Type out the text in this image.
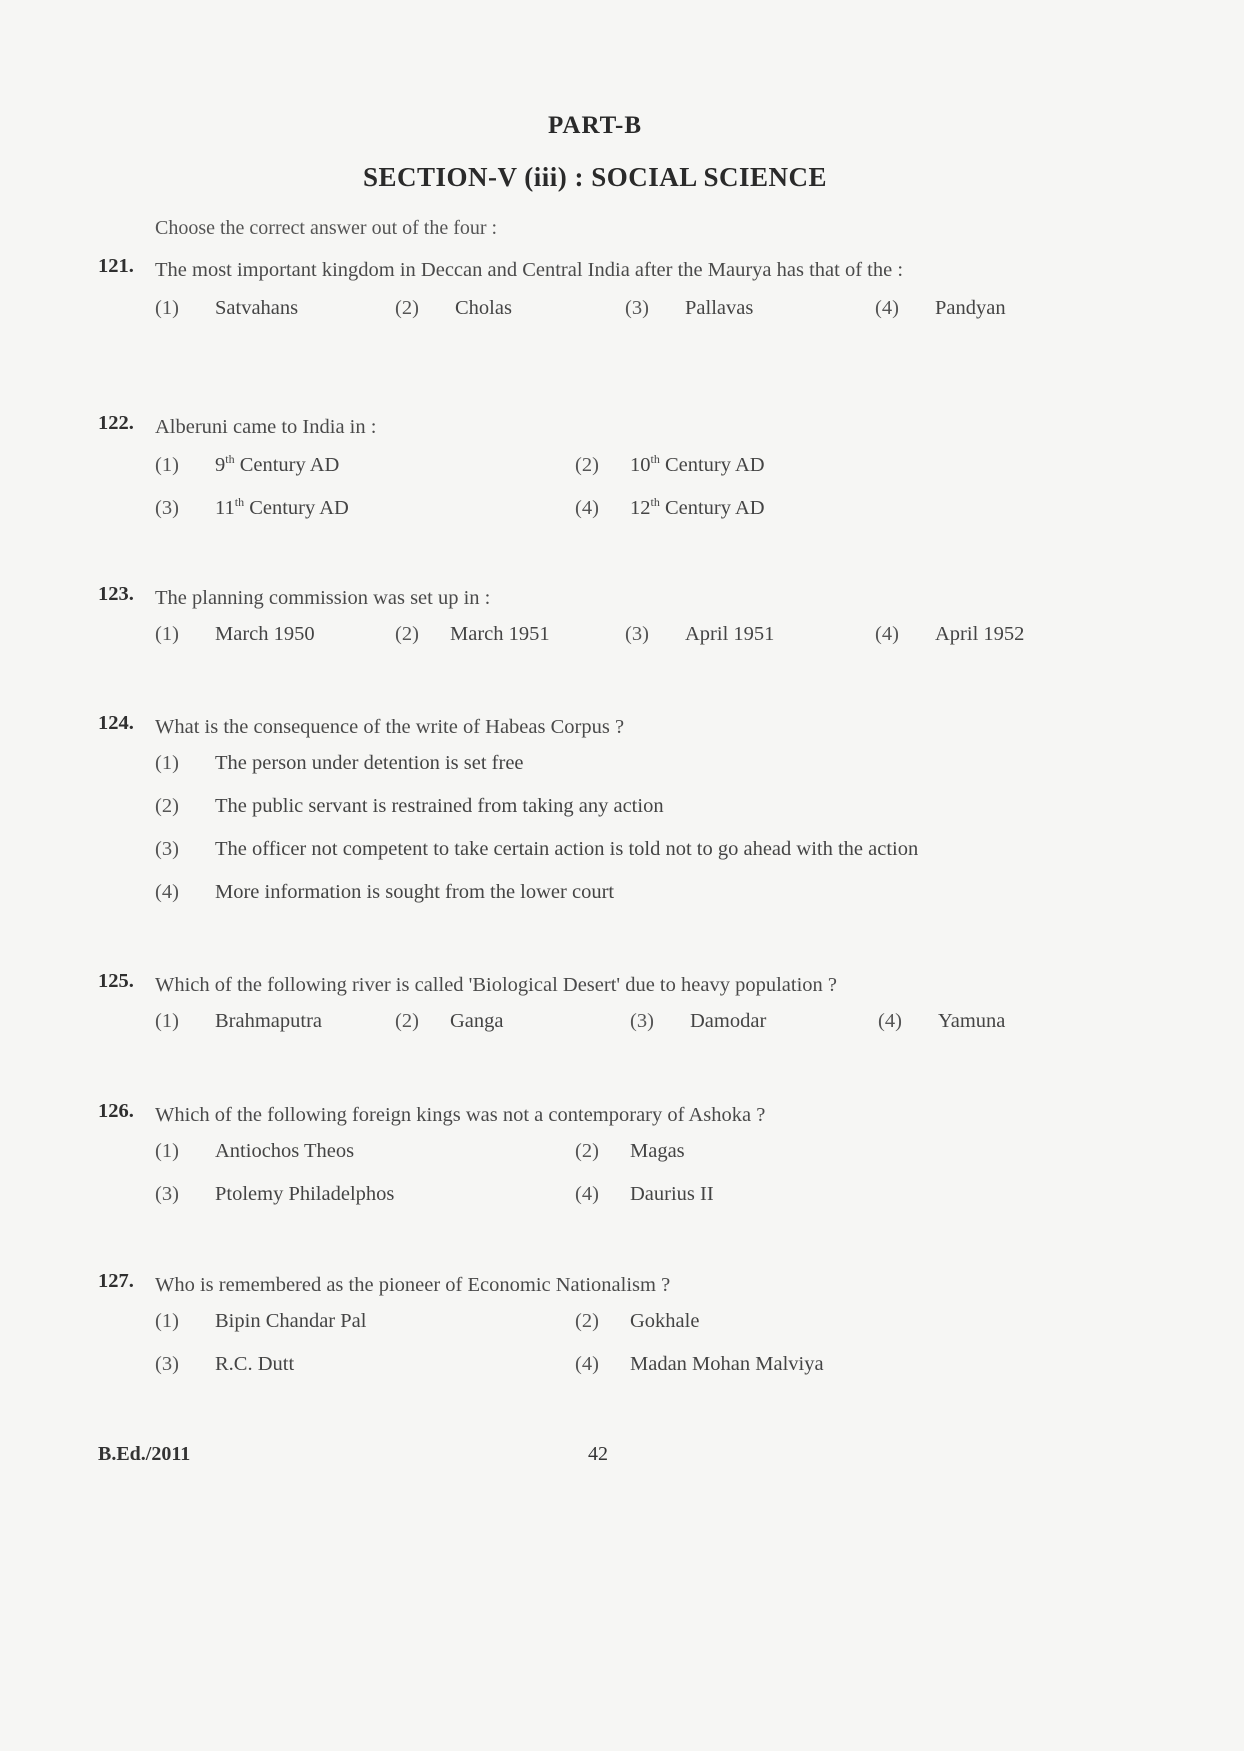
PART-B
SECTION-V (iii) : SOCIAL SCIENCE
Choose the correct answer out of the four :
121.	The most important kingdom in Deccan and Central India after the Maurya has that of the :
(1)	Satvahans	(2)	Cholas	(3)	Pallavas	(4)	Pandyan
122.	Alberuni came to India in :
(1)	9th Century AD	(2)	10th Century AD
(3)	11th Century AD	(4)	12th Century AD
123.	The planning commission was set up in :
(1)	March 1950	(2)	March 1951	(3)	April 1951	(4)	April 1952
124.	What is the consequence of the write of Habeas Corpus ?
(1)	The person under detention is set free
(2)	The public servant is restrained from taking any action
(3)	The officer not competent to take certain action is told not to go ahead with the action
(4)	More information is sought from the lower court
125.	Which of the following river is called 'Biological Desert' due to heavy population ?
(1)	Brahmaputra	(2)	Ganga	(3)	Damodar	(4)	Yamuna
126.	Which of the following foreign kings was not a contemporary of Ashoka ?
(1)	Antiochos Theos	(2)	Magas
(3)	Ptolemy Philadelphos	(4)	Daurius II
127.	Who is remembered as the pioneer of Economic Nationalism ?
(1)	Bipin Chandar Pal	(2)	Gokhale
(3)	R.C. Dutt	(4)	Madan Mohan Malviya
B.Ed./2011	42
